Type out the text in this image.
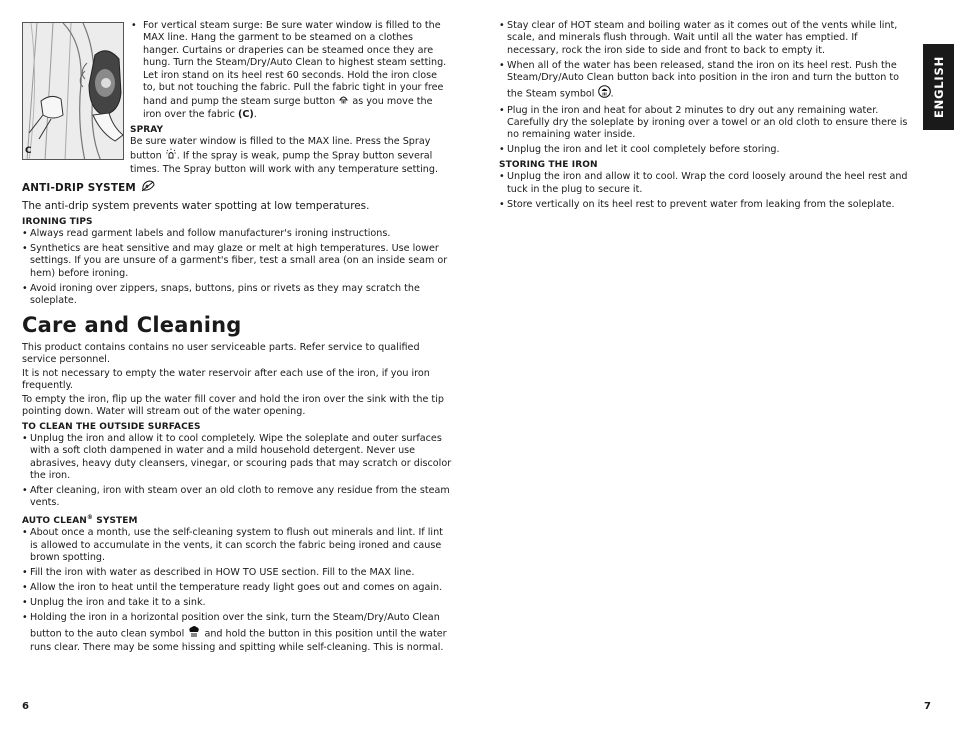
C

• For vertical steam surge: Be sure water window is filled to the MAX line. Hang the garment to be steamed on a clothes hanger. Curtains or draperies can be steamed once they are hung. Turn the Steam/Dry/Auto Clean to highest steam setting. Let iron stand on its heel rest 60 seconds. Hold the iron close to, but not touching the fabric. Pull the fabric tight in your free hand and pump the steam surge button as you move the iron over the fabric (C).

SPRAY

Be sure water window is filled to the MAX line. Press the Spray button . If the spray is weak, pump the Spray button several times. The Spray button will work with any temperature setting.

ANTI-DRIP SYSTEM

The anti-drip system prevents water spotting at low temperatures.

IRONING TIPS

• Always read garment labels and follow manufacturer's ironing instructions.

• Synthetics are heat sensitive and may glaze or melt at high temperatures. Use lower settings. If you are unsure of a garment's fiber, test a small area (on an inside seam or hem) before ironing.

• Avoid ironing over zippers, snaps, buttons, pins or rivets as they may scratch the soleplate.

Care and Cleaning

This product contains contains no user serviceable parts. Refer service to qualified service personnel.

It is not necessary to empty the water reservoir after each use of the iron, if you iron frequently.

To empty the iron, flip up the water fill cover and hold the iron over the sink with the tip pointing down. Water will stream out of the water opening.

TO CLEAN THE OUTSIDE SURFACES

• Unplug the iron and allow it to cool completely. Wipe the soleplate and outer surfaces with a soft cloth dampened in water and a mild household detergent. Never use abrasives, heavy duty cleansers, vinegar, or scouring pads that may scratch or discolor the iron.

• After cleaning, iron with steam over an old cloth to remove any residue from the steam vents.

AUTO CLEAN® SYSTEM

• About once a month, use the self-cleaning system to flush out minerals and lint. If lint is allowed to accumulate in the vents, it can scorch the fabric being ironed and cause brown spotting.

• Fill the iron with water as described in HOW TO USE section. Fill to the MAX line.

• Allow the iron to heat until the temperature ready light goes out and comes on again.

• Unplug the iron and take it to a sink.

• Holding the iron in a horizontal position over the sink, turn the Steam/Dry/Auto Clean button to the auto clean symbol and hold the button in this position until the water runs clear. There may be some hissing and spitting while self-cleaning. This is normal.

• Stay clear of HOT steam and boiling water as it comes out of the vents while lint, scale, and minerals flush through. Wait until all the water has emptied. If necessary, rock the iron side to side and front to back to empty it.

• When all of the water has been released, stand the iron on its heel rest. Push the Steam/Dry/Auto Clean button back into position in the iron and turn the button to the Steam symbol .

• Plug in the iron and heat for about 2 minutes to dry out any remaining water. Carefully dry the soleplate by ironing over a towel or an old cloth to ensure there is no remaining water inside.

• Unplug the iron and let it cool completely before storing.

STORING THE IRON

• Unplug the iron and allow it to cool. Wrap the cord loosely around the heel rest and tuck in the plug to secure it.

• Store vertically on its heel rest to prevent water from leaking from the soleplate.

ENGLISH
6	7
